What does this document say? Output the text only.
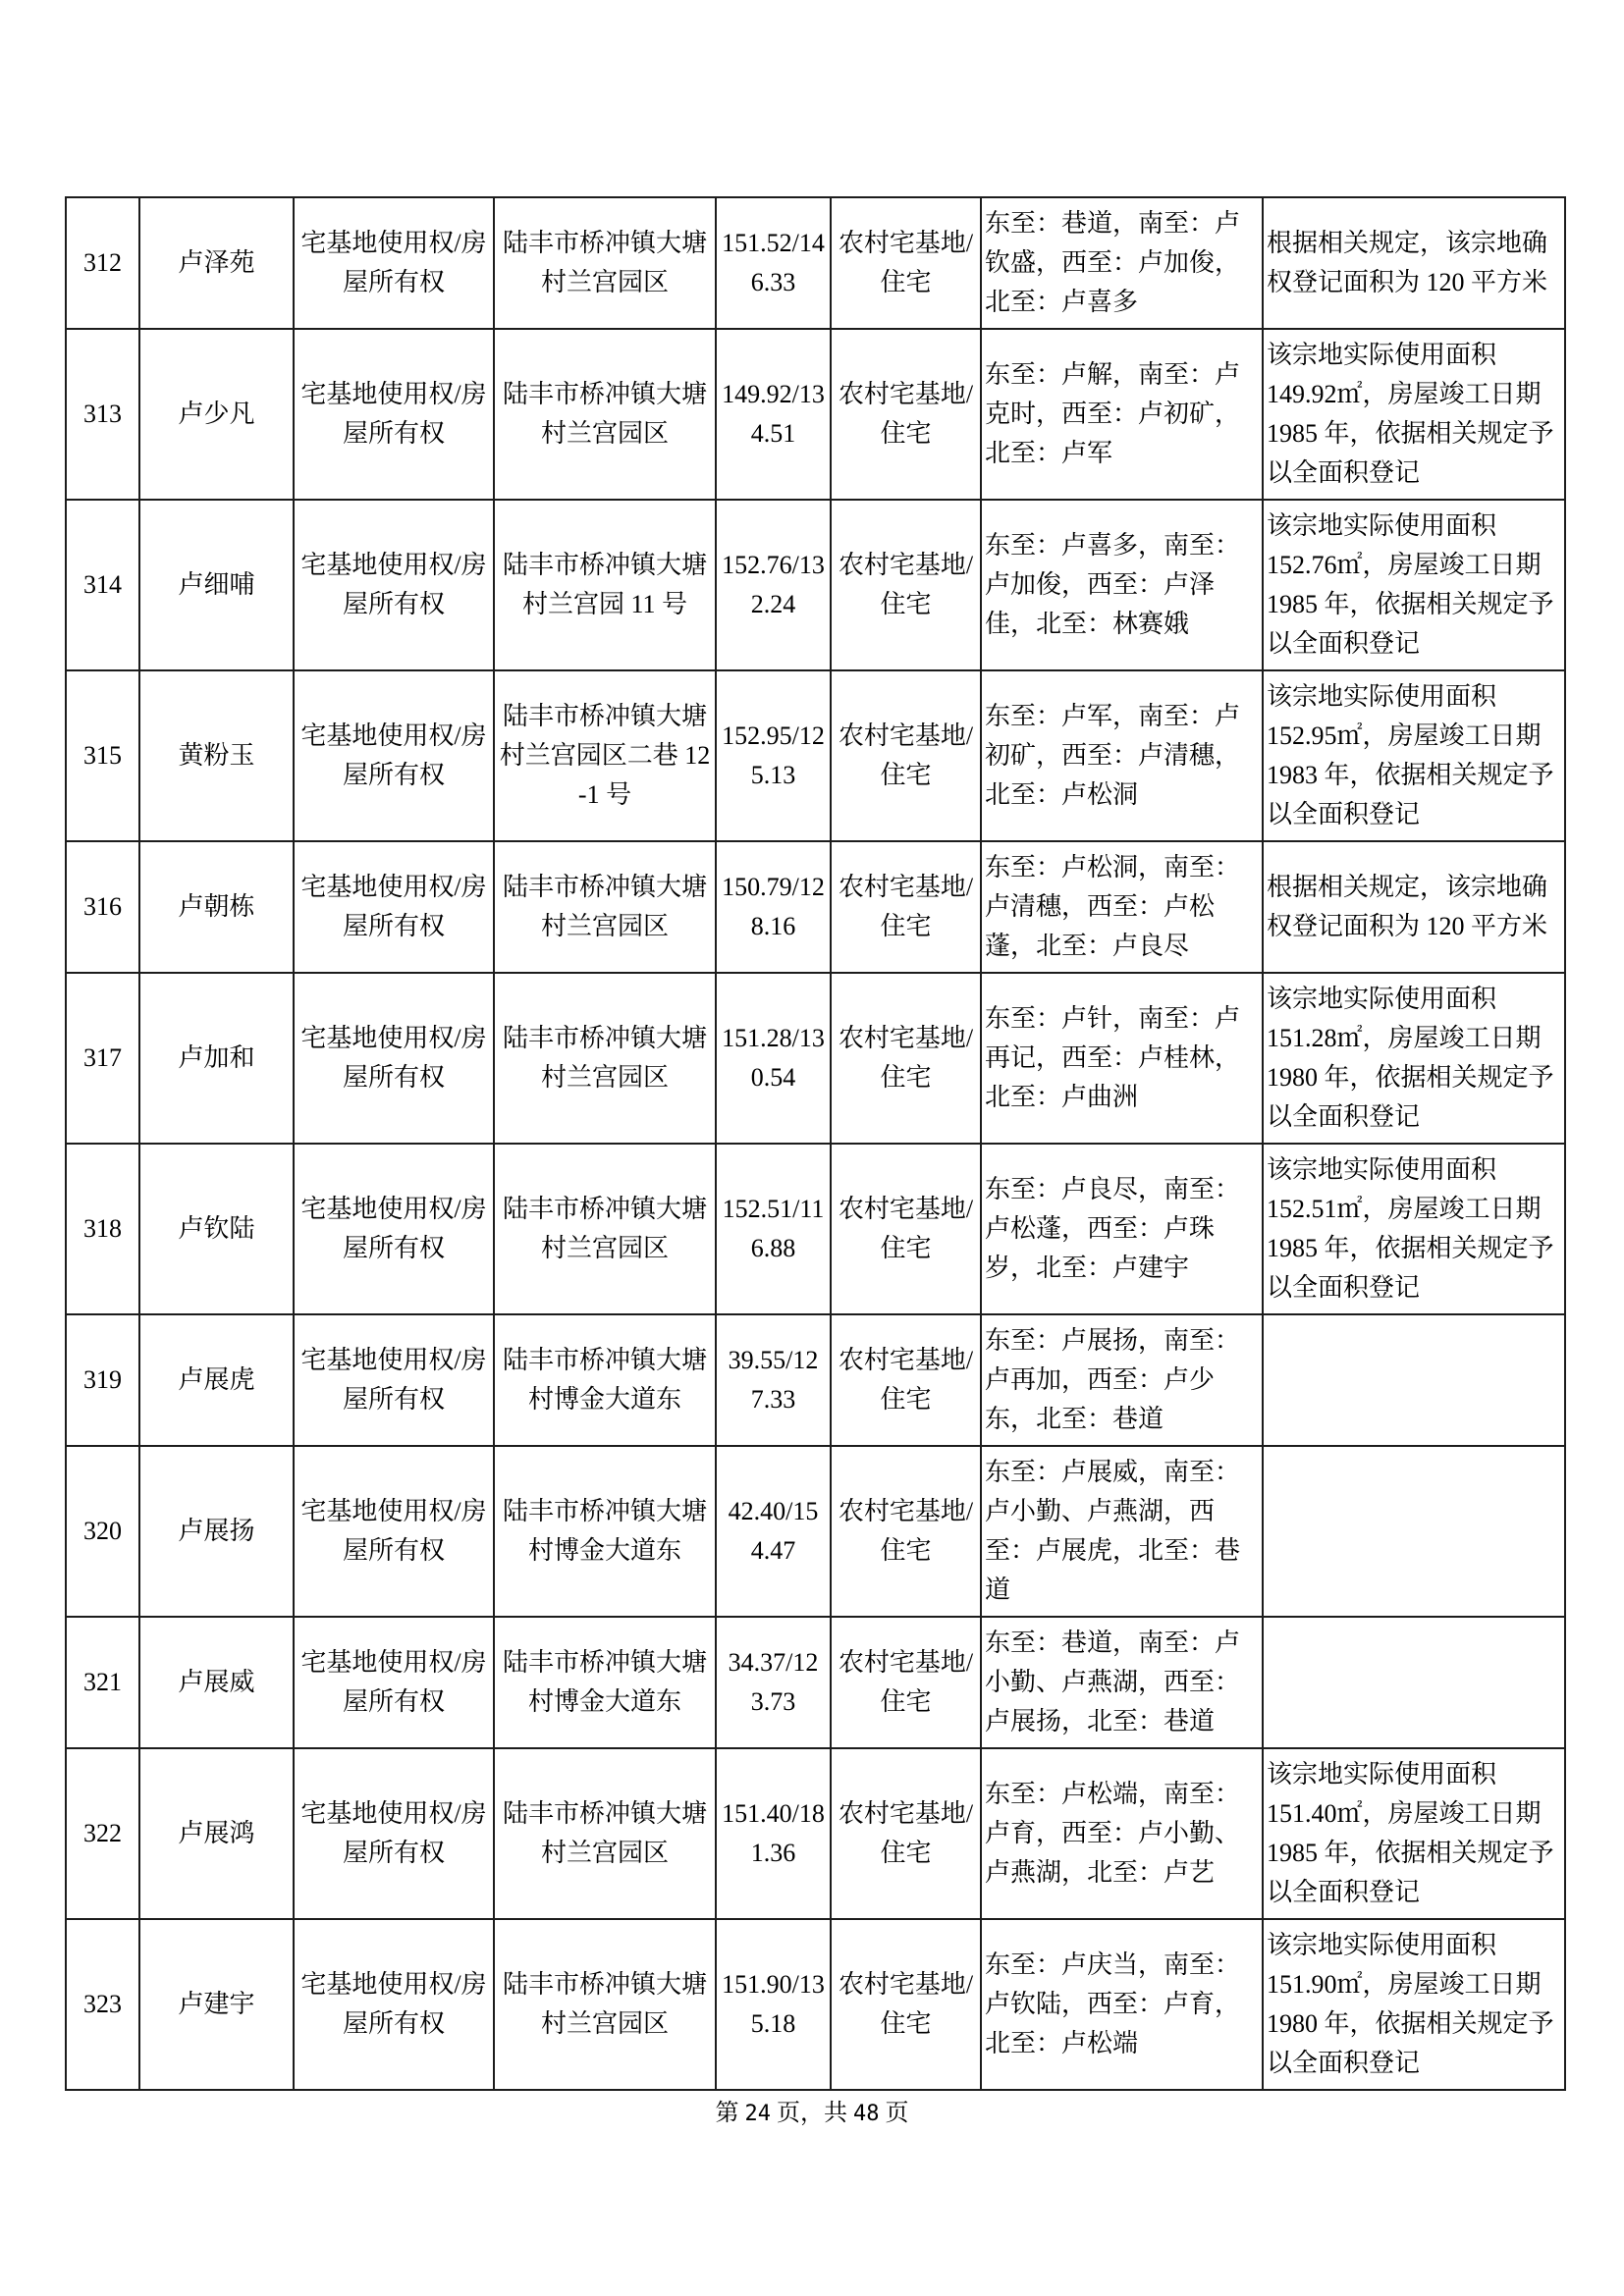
312	卢泽苑	宅基地使用权/房屋所有权	陆丰市桥冲镇大塘村兰宫园区	151.52/146.33	农村宅基地/住宅	东至：巷道，南至：卢钦盛，西至：卢加俊，北至：卢喜多	根据相关规定，该宗地确权登记面积为 120 平方米
313	卢少凡	宅基地使用权/房屋所有权	陆丰市桥冲镇大塘村兰宫园区	149.92/134.51	农村宅基地/住宅	东至：卢解，南至：卢克时，西至：卢初矿，北至：卢军	该宗地实际使用面积 149.92㎡，房屋竣工日期 1985 年，依据相关规定予以全面积登记
314	卢细哺	宅基地使用权/房屋所有权	陆丰市桥冲镇大塘村兰宫园 11 号	152.76/132.24	农村宅基地/住宅	东至：卢喜多，南至：卢加俊，西至：卢泽佳，北至：林赛娥	该宗地实际使用面积 152.76㎡，房屋竣工日期 1985 年，依据相关规定予以全面积登记
315	黄粉玉	宅基地使用权/房屋所有权	陆丰市桥冲镇大塘村兰宫园区二巷 12-1 号	152.95/125.13	农村宅基地/住宅	东至：卢军，南至：卢初矿，西至：卢清穗，北至：卢松洞	该宗地实际使用面积 152.95㎡，房屋竣工日期 1983 年，依据相关规定予以全面积登记
316	卢朝栋	宅基地使用权/房屋所有权	陆丰市桥冲镇大塘村兰宫园区	150.79/128.16	农村宅基地/住宅	东至：卢松洞，南至：卢清穗，西至：卢松蓬，北至：卢良尽	根据相关规定，该宗地确权登记面积为 120 平方米
317	卢加和	宅基地使用权/房屋所有权	陆丰市桥冲镇大塘村兰宫园区	151.28/130.54	农村宅基地/住宅	东至：卢针，南至：卢再记，西至：卢桂林，北至：卢曲洲	该宗地实际使用面积 151.28㎡，房屋竣工日期 1980 年，依据相关规定予以全面积登记
318	卢钦陆	宅基地使用权/房屋所有权	陆丰市桥冲镇大塘村兰宫园区	152.51/116.88	农村宅基地/住宅	东至：卢良尽，南至：卢松蓬，西至：卢珠岁，北至：卢建宇	该宗地实际使用面积 152.51㎡，房屋竣工日期 1985 年，依据相关规定予以全面积登记
319	卢展虎	宅基地使用权/房屋所有权	陆丰市桥冲镇大塘村博金大道东	39.55/127.33	农村宅基地/住宅	东至：卢展扬，南至：卢再加，西至：卢少东，北至：巷道	
320	卢展扬	宅基地使用权/房屋所有权	陆丰市桥冲镇大塘村博金大道东	42.40/154.47	农村宅基地/住宅	东至：卢展威，南至：卢小勤、卢燕湖，西至：卢展虎，北至：巷道	
321	卢展威	宅基地使用权/房屋所有权	陆丰市桥冲镇大塘村博金大道东	34.37/123.73	农村宅基地/住宅	东至：巷道，南至：卢小勤、卢燕湖，西至：卢展扬，北至：巷道	
322	卢展鸿	宅基地使用权/房屋所有权	陆丰市桥冲镇大塘村兰宫园区	151.40/181.36	农村宅基地/住宅	东至：卢松端，南至：卢育，西至：卢小勤、卢燕湖，北至：卢艺	该宗地实际使用面积 151.40㎡，房屋竣工日期 1985 年，依据相关规定予以全面积登记
323	卢建宇	宅基地使用权/房屋所有权	陆丰市桥冲镇大塘村兰宫园区	151.90/135.18	农村宅基地/住宅	东至：卢庆当，南至：卢钦陆，西至：卢育，北至：卢松端	该宗地实际使用面积 151.90㎡，房屋竣工日期 1980 年，依据相关规定予以全面积登记
第 24 页，共 48 页
